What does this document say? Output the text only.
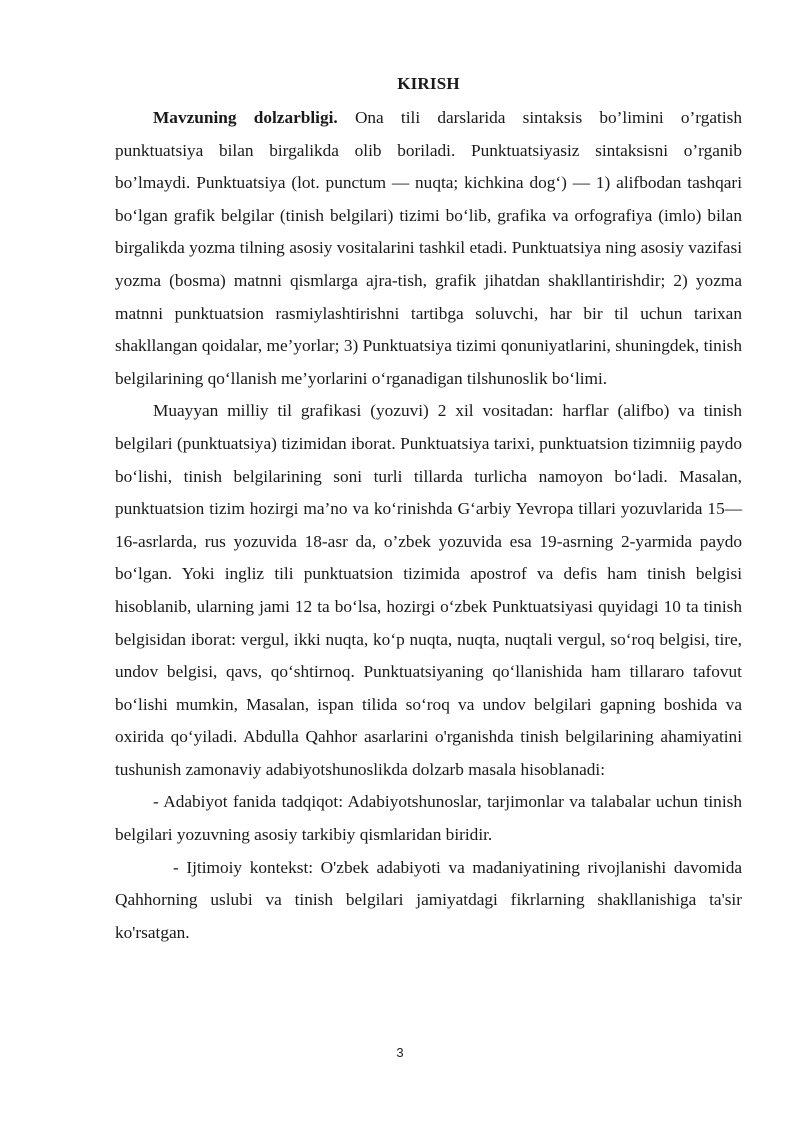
KIRISH

Mavzuning dolzarbligi. Ona tili darslarida sintaksis bo’limini o’rgatish punktuatsiya bilan birgalikda olib boriladi. Punktuatsiyasiz sintaksisni o’rganib bo’lmaydi. Punktuatsiya (lot. punctum — nuqta; kichkina dog‘) — 1) alifbodan tashqari bo‘lgan grafik belgilar (tinish belgilari) tizimi bo‘lib, grafika va orfografiya (imlo) bilan birgalikda yozma tilning asosiy vositalarini tashkil etadi. Punktuatsiya ning asosiy vazifasi yozma (bosma) matnni qismlarga ajra-tish, grafik jihatdan shakllantirishdir; 2) yozma matnni punktuatsion rasmiylashtirishni tartibga soluvchi, har bir til uchun tarixan shakllangan qoidalar, me’yorlar; 3) Punktuatsiya tizimi qonuniyatlarini, shuningdek, tinish belgilarining qo‘llanish me’yorlarini o‘rganadigan tilshunoslik bo‘limi.

Muayyan milliy til grafikasi (yozuvi) 2 xil vositadan: harflar (alifbo) va tinish belgilari (punktuatsiya) tizimidan iborat. Punktuatsiya tarixi, punktuatsion tizimniig paydo bo‘lishi, tinish belgilarining soni turli tillarda turlicha namoyon bo‘ladi. Masalan, punktuatsion tizim hozirgi ma’no va ko‘rinishda G‘arbiy Yevropa tillari yozuvlarida 15—16-asrlarda, rus yozuvida 18-asr da, o’zbek yozuvida esa 19-asrning 2-yarmida paydo bo‘lgan. Yoki ingliz tili punktuatsion tizimida apostrof va defis ham tinish belgisi hisoblanib, ularning jami 12 ta bo‘lsa, hozirgi o‘zbek Punktuatsiyasi quyidagi 10 ta tinish belgisidan iborat: vergul, ikki nuqta, ko‘p nuqta, nuqta, nuqtali vergul, so‘roq belgisi, tire, undov belgisi, qavs, qo‘shtirnoq. Punktuatsiyaning qo‘llanishida ham tillararo tafovut bo‘lishi mumkin, Masalan, ispan tilida so‘roq va undov belgilari gapning boshida va oxirida qo‘yiladi. Abdulla Qahhor asarlarini o'rganishda tinish belgilarining ahamiyatini tushunish zamonaviy adabiyotshunoslikda dolzarb masala hisoblanadi:

- Adabiyot fanida tadqiqot: Adabiyotshunoslar, tarjimonlar va talabalar uchun tinish belgilari yozuvning asosiy tarkibiy qismlaridan biridir.

- Ijtimoiy kontekst: O'zbek adabiyoti va madaniyatining rivojlanishi davomida Qahhorning uslubi va tinish belgilari jamiyatdagi fikrlarning shakllanishiga ta'sir ko'rsatgan.

3
